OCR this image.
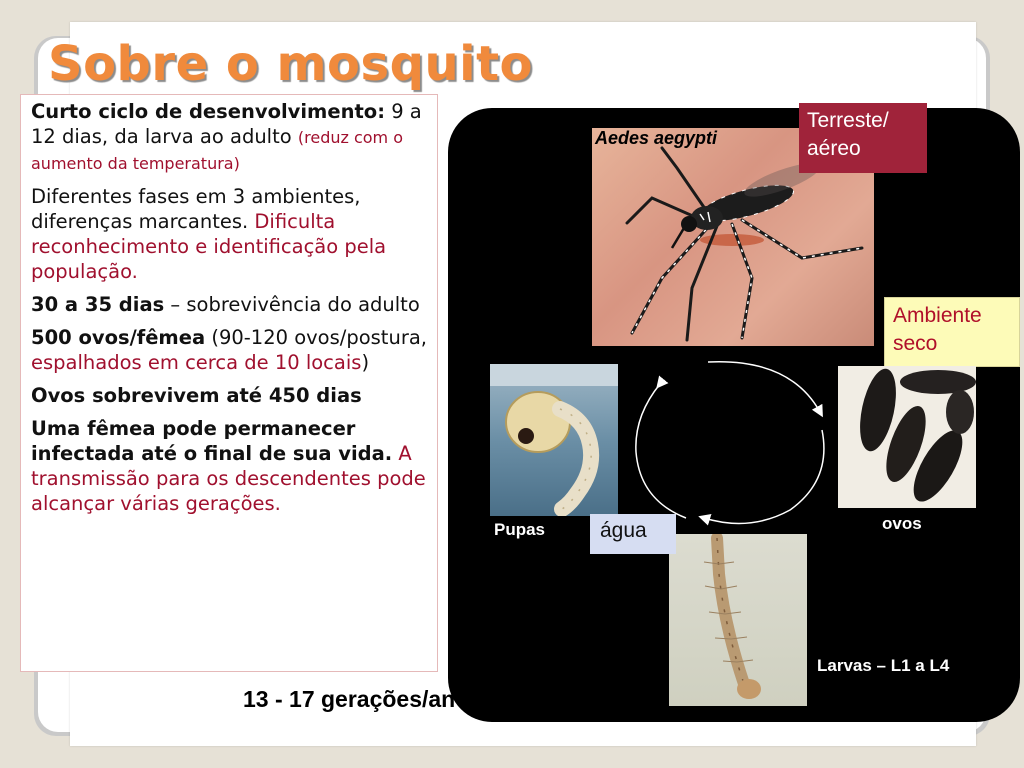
Sobre o mosquito

Curto ciclo de desenvolvimento: 9 a 12 dias, da larva ao adulto (reduz com o aumento da temperatura)

Diferentes fases em 3 ambientes, diferenças marcantes. Dificulta reconhecimento e identificação pela população.

30 a 35 dias – sobrevivência do adulto

500 ovos/fêmea (90-120 ovos/postura, espalhados em cerca de 10 locais)

Ovos sobrevivem até 450 dias

Uma fêmea pode permanecer infectada até o final de sua vida. A transmissão para os descendentes pode alcançar várias gerações.

Aedes aegypti
Terreste/ aéreo
Ambiente seco
Pupas	ovos
Larvas – L1 a L4
água
13 - 17 gerações/ano
